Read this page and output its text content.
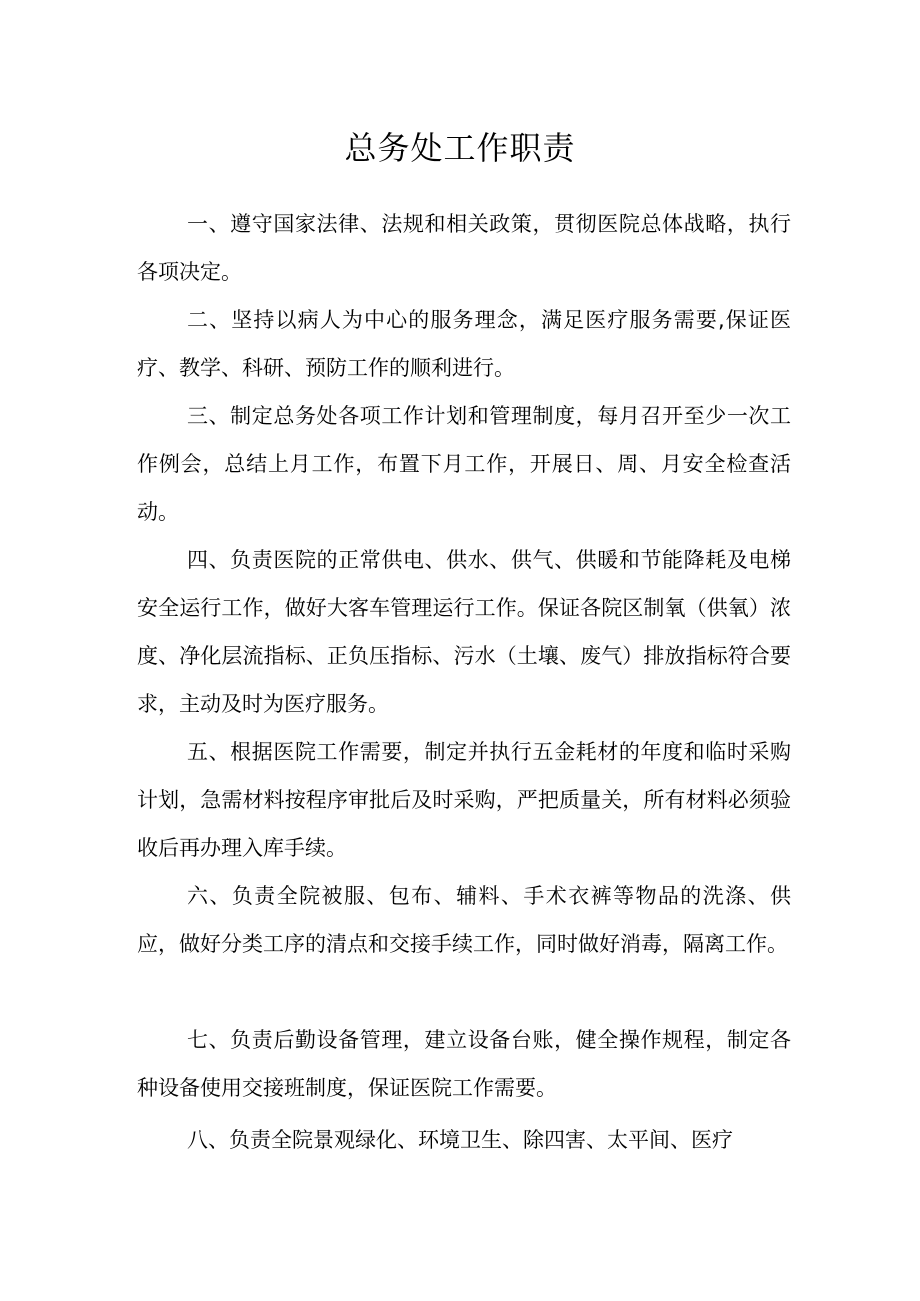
总务处工作职责

一、遵守国家法律、法规和相关政策，贯彻医院总体战略，执行各项决定。

二、坚持以病人为中心的服务理念，满足医疗服务需要,保证医疗、教学、科研、预防工作的顺利进行。

三、制定总务处各项工作计划和管理制度，每月召开至少一次工作例会，总结上月工作，布置下月工作，开展日、周、月安全检查活动。

四、负责医院的正常供电、供水、供气、供暖和节能降耗及电梯安全运行工作，做好大客车管理运行工作。保证各院区制氧（供氧）浓度、净化层流指标、正负压指标、污水（土壤、废气）排放指标符合要求，主动及时为医疗服务。

五、根据医院工作需要，制定并执行五金耗材的年度和临时采购计划，急需材料按程序审批后及时采购，严把质量关，所有材料必须验收后再办理入库手续。

六、负责全院被服、包布、辅料、手术衣裤等物品的洗涤、供应，做好分类工序的清点和交接手续工作，同时做好消毒，隔离工作。

七、负责后勤设备管理，建立设备台账，健全操作规程，制定各种设备使用交接班制度，保证医院工作需要。

八、负责全院景观绿化、环境卫生、除四害、太平间、医疗
